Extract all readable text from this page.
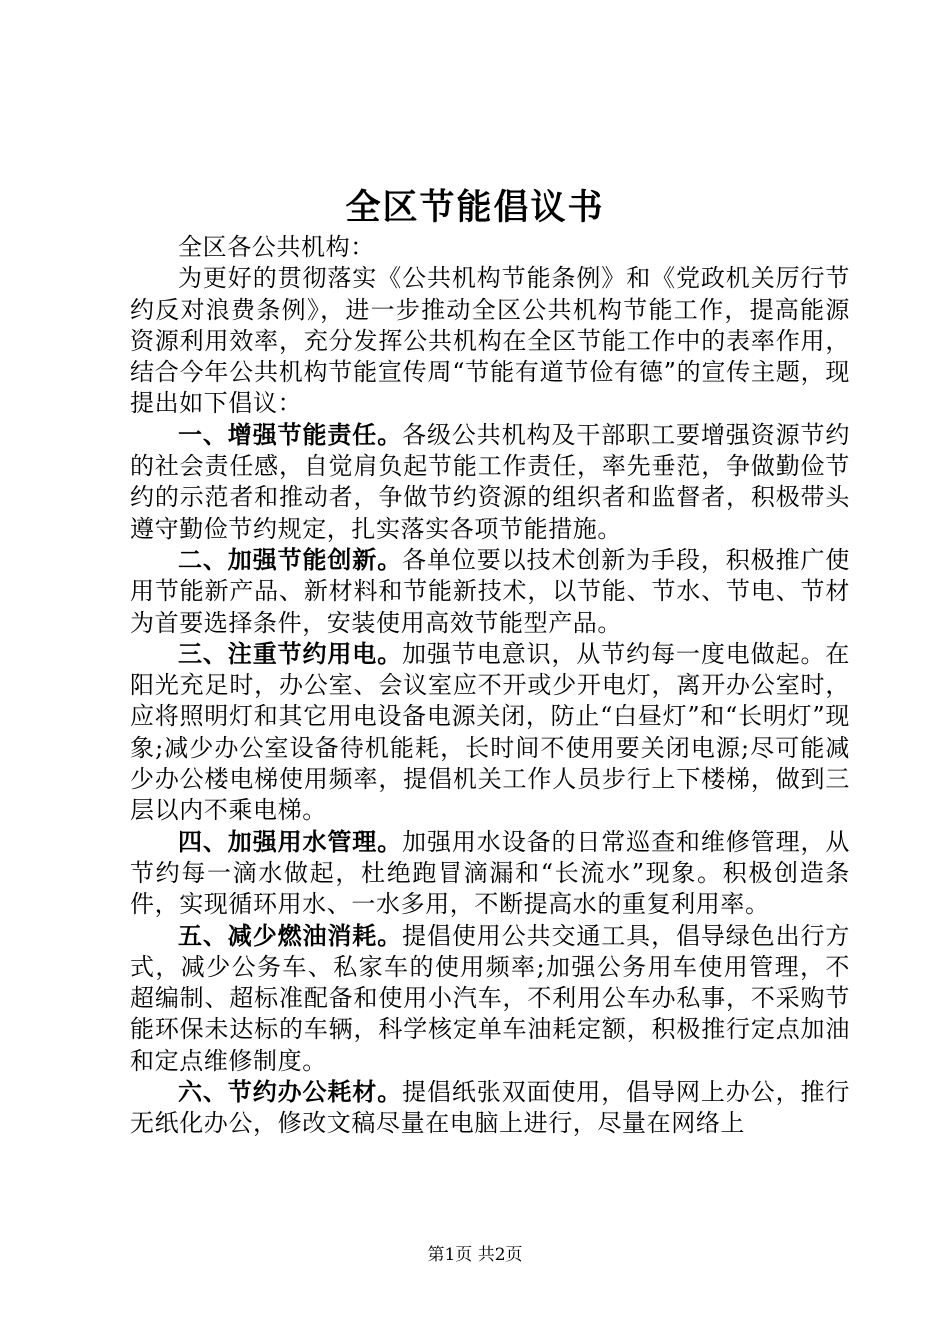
全区节能倡议书

全区各公共机构：

为更好的贯彻落实《公共机构节能条例》和《党政机关厉行节约反对浪费条例》，进一步推动全区公共机构节能工作，提高能源资源利用效率，充分发挥公共机构在全区节能工作中的表率作用，结合今年公共机构节能宣传周“节能有道节俭有德”的宣传主题，现提出如下倡议：

一、增强节能责任。各级公共机构及干部职工要增强资源节约的社会责任感，自觉肩负起节能工作责任，率先垂范，争做勤俭节约的示范者和推动者，争做节约资源的组织者和监督者，积极带头遵守勤俭节约规定，扎实落实各项节能措施。

二、加强节能创新。各单位要以技术创新为手段，积极推广使用节能新产品、新材料和节能新技术，以节能、节水、节电、节材为首要选择条件，安装使用高效节能型产品。

三、注重节约用电。加强节电意识，从节约每一度电做起。在阳光充足时，办公室、会议室应不开或少开电灯，离开办公室时，应将照明灯和其它用电设备电源关闭，防止“白昼灯”和“长明灯”现象;减少办公室设备待机能耗，长时间不使用要关闭电源;尽可能减少办公楼电梯使用频率，提倡机关工作人员步行上下楼梯，做到三层以内不乘电梯。

四、加强用水管理。加强用水设备的日常巡查和维修管理，从节约每一滴水做起，杜绝跑冒滴漏和“长流水”现象。积极创造条件，实现循环用水、一水多用，不断提高水的重复利用率。

五、减少燃油消耗。提倡使用公共交通工具，倡导绿色出行方式，减少公务车、私家车的使用频率;加强公务用车使用管理，不超编制、超标准配备和使用小汽车，不利用公车办私事，不采购节能环保未达标的车辆，科学核定单车油耗定额，积极推行定点加油和定点维修制度。

六、节约办公耗材。提倡纸张双面使用，倡导网上办公，推行无纸化办公，修改文稿尽量在电脑上进行，尽量在网络上

第1页 共2页
